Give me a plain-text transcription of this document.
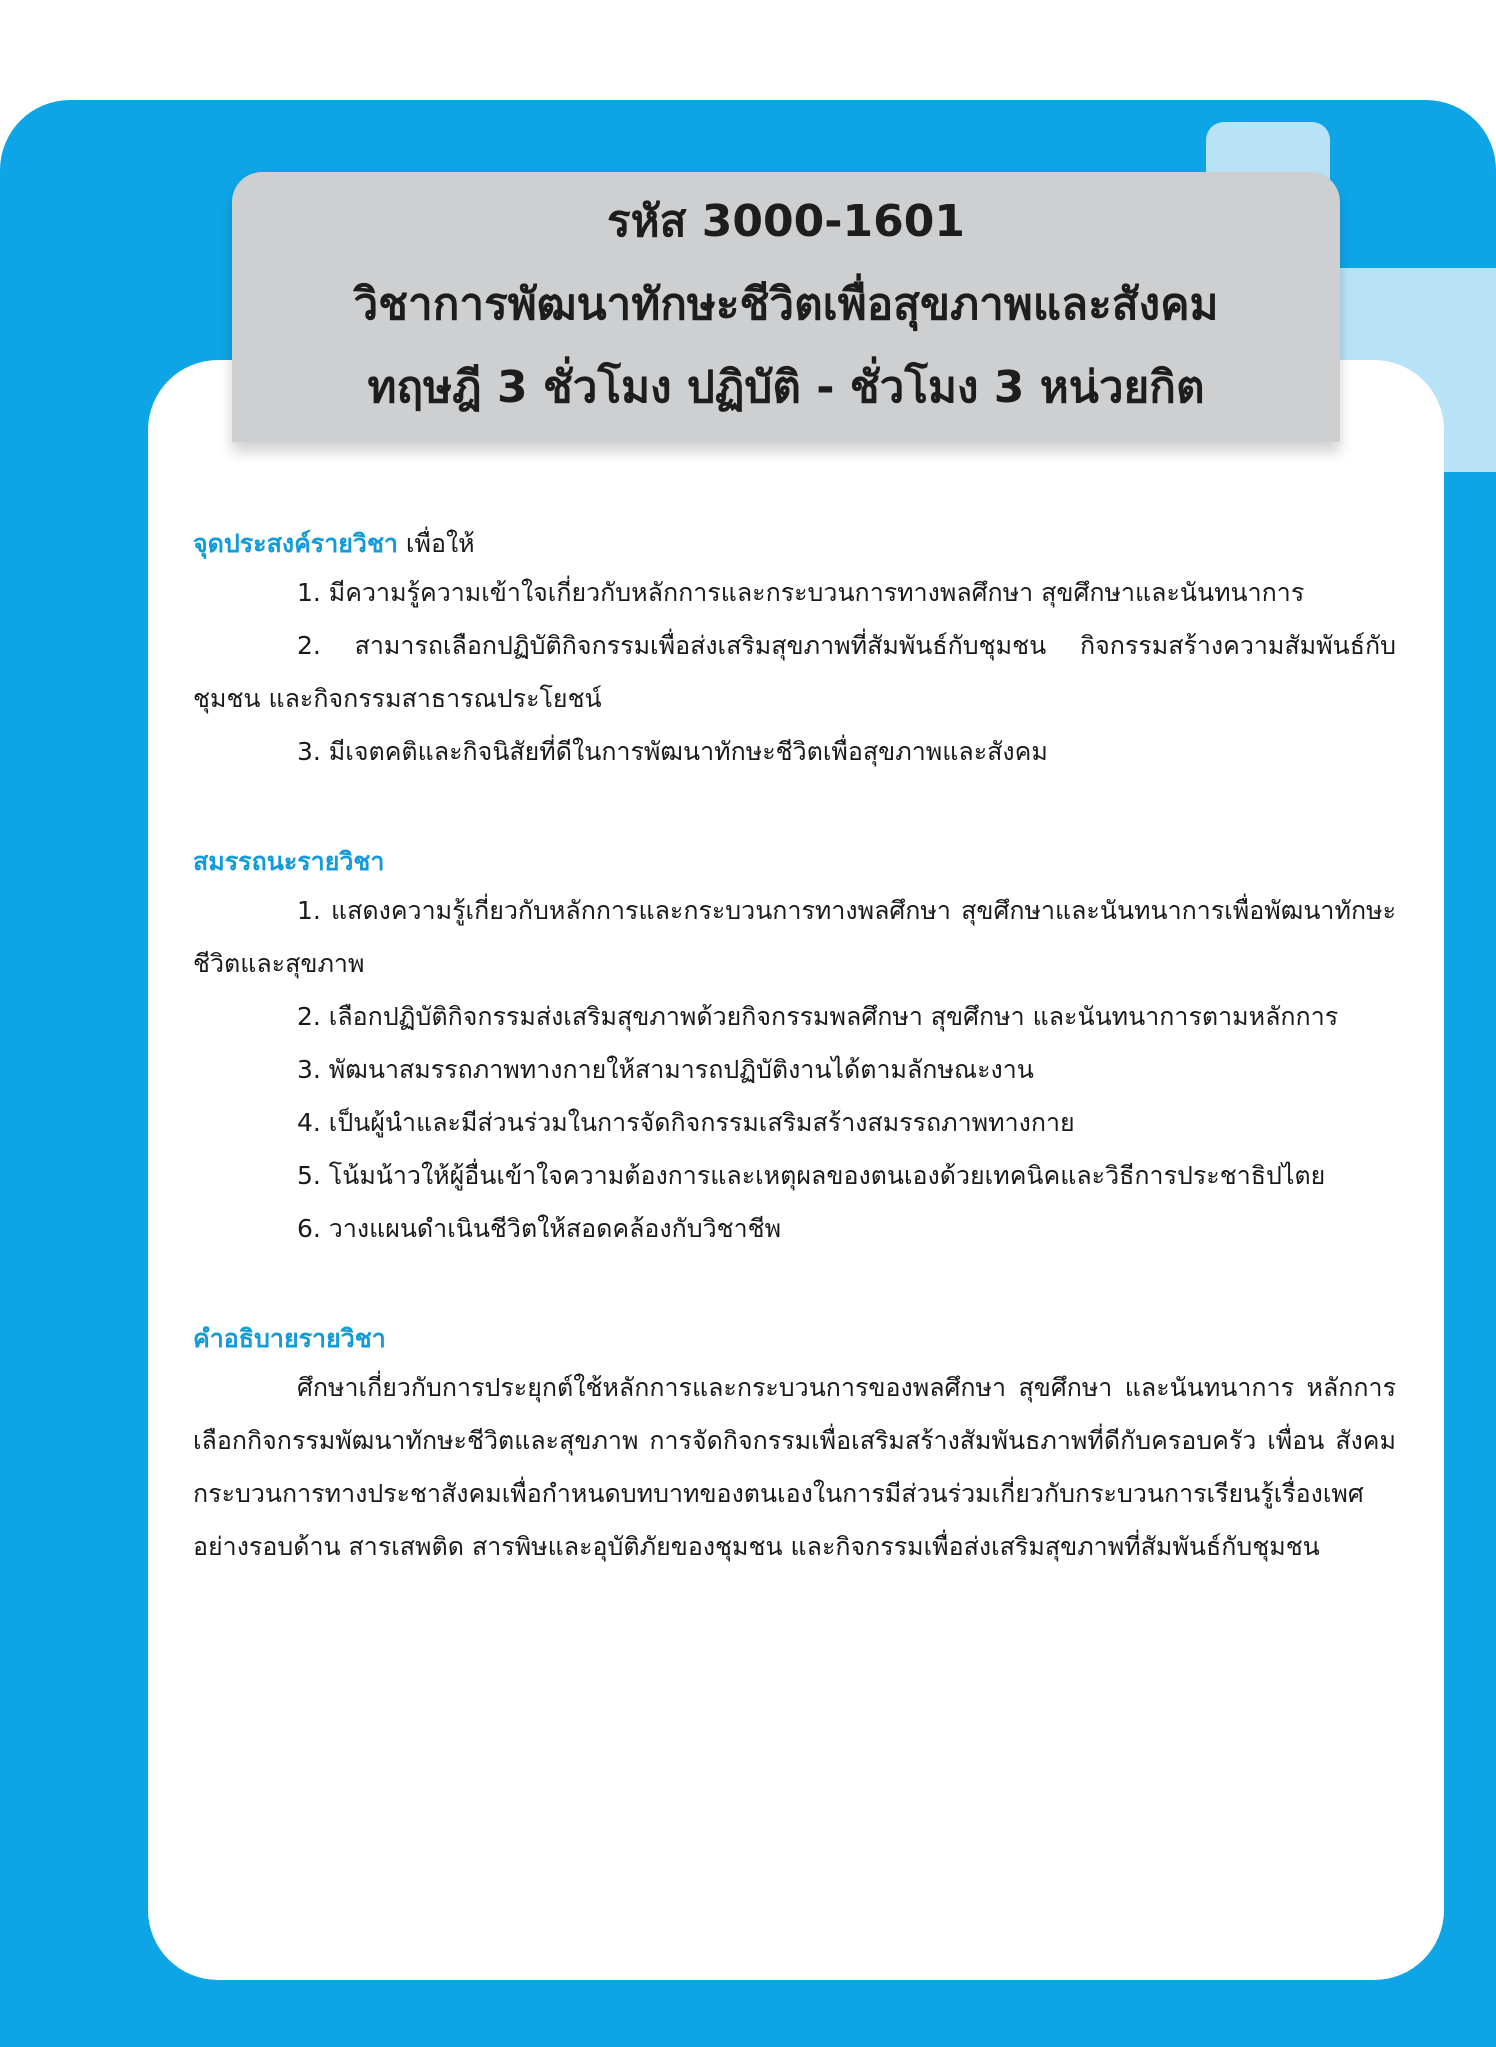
รหัส 3000-1601
วิชาการพัฒนาทักษะชีวิตเพื่อสุขภาพและสังคม
ทฤษฎี 3 ชั่วโมง ปฏิบัติ - ชั่วโมง 3 หน่วยกิต
จุดประสงค์รายวิชา เพื่อให้
1. มีความรู้ความเข้าใจเกี่ยวกับหลักการและกระบวนการทางพลศึกษา สุขศึกษาและนันทนาการ
2. สามารถเลือกปฏิบัติกิจกรรมเพื่อส่งเสริมสุขภาพที่สัมพันธ์กับชุมชน กิจกรรมสร้างความสัมพันธ์กับชุมชน และกิจกรรมสาธารณประโยชน์
3. มีเจตคติและกิจนิสัยที่ดีในการพัฒนาทักษะชีวิตเพื่อสุขภาพและสังคม
สมรรถนะรายวิชา
1. แสดงความรู้เกี่ยวกับหลักการและกระบวนการทางพลศึกษา สุขศึกษาและนันทนาการเพื่อพัฒนาทักษะชีวิตและสุขภาพ
2. เลือกปฏิบัติกิจกรรมส่งเสริมสุขภาพด้วยกิจกรรมพลศึกษา สุขศึกษา และนันทนาการตามหลักการ
3. พัฒนาสมรรถภาพทางกายให้สามารถปฏิบัติงานได้ตามลักษณะงาน
4. เป็นผู้นำและมีส่วนร่วมในการจัดกิจกรรมเสริมสร้างสมรรถภาพทางกาย
5. โน้มน้าวให้ผู้อื่นเข้าใจความต้องการและเหตุผลของตนเองด้วยเทคนิคและวิธีการประชาธิปไตย
6. วางแผนดำเนินชีวิตให้สอดคล้องกับวิชาชีพ
คำอธิบายรายวิชา
ศึกษาเกี่ยวกับการประยุกต์ใช้หลักการและกระบวนการของพลศึกษา สุขศึกษา และนันทนาการ หลักการเลือกกิจกรรมพัฒนาทักษะชีวิตและสุขภาพ การจัดกิจกรรมเพื่อเสริมสร้างสัมพันธภาพที่ดีกับครอบครัว เพื่อน สังคม กระบวนการทางประชาสังคมเพื่อกำหนดบทบาทของตนเองในการมีส่วนร่วมเกี่ยวกับกระบวนการเรียนรู้เรื่องเพศอย่างรอบด้าน สารเสพติด สารพิษและอุบัติภัยของชุมชน และกิจกรรมเพื่อส่งเสริมสุขภาพที่สัมพันธ์กับชุมชน
